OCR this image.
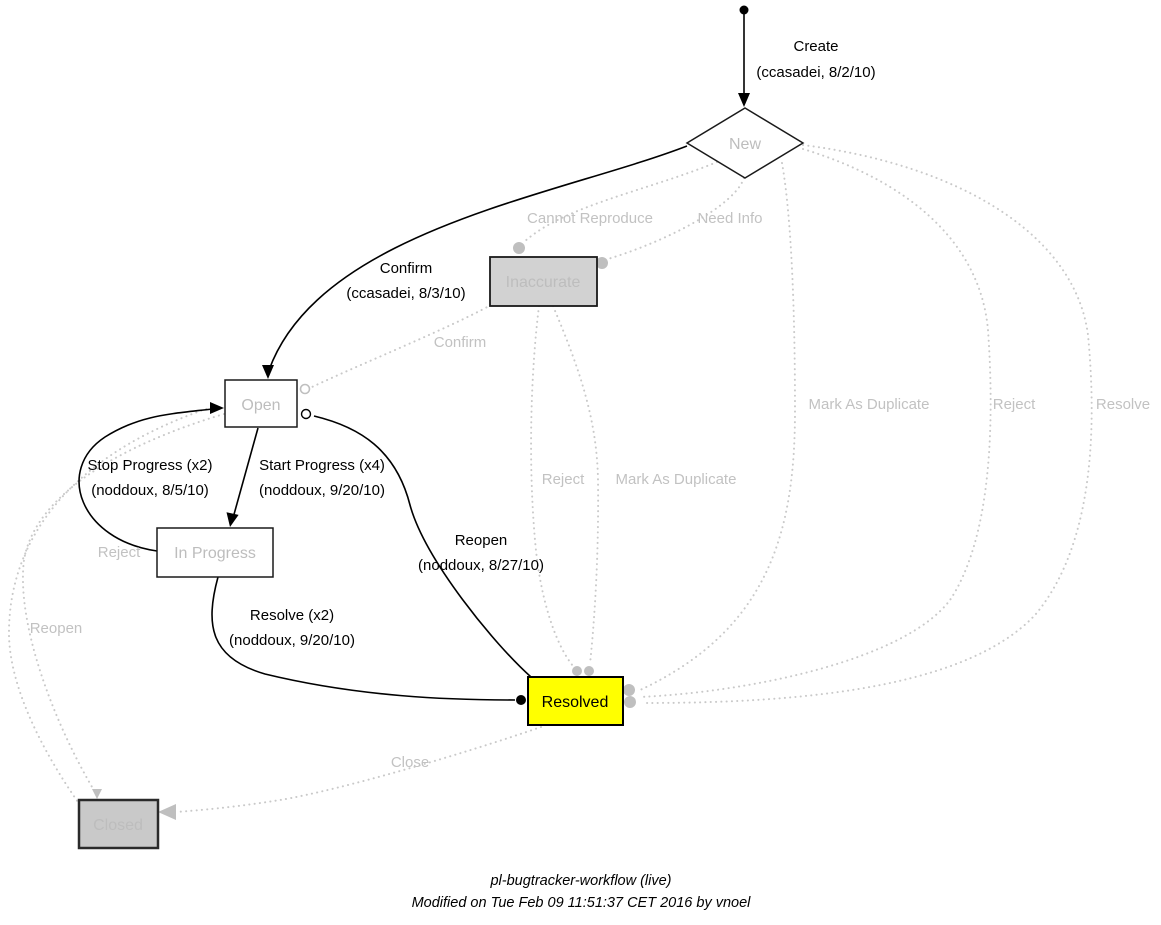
New
Inaccurate
Open
In Progress
Resolved
Closed
Create
(ccasadei, 8/2/10)
Confirm
(ccasadei, 8/3/10)
Stop Progress (x2)
(noddoux, 8/5/10)
Start Progress (x4)
(noddoux, 9/20/10)
Reopen
(noddoux, 8/27/10)
Resolve (x2)
(noddoux, 9/20/10)
Cannot Reproduce	Need Info
Confirm
Reject
Reopen
Reject Mark As Duplicate
Mark As Duplicate	Reject	Resolve
Close
pl-bugtracker-workflow (live)
Modified on Tue Feb 09 11:51:37 CET 2016 by vnoel
